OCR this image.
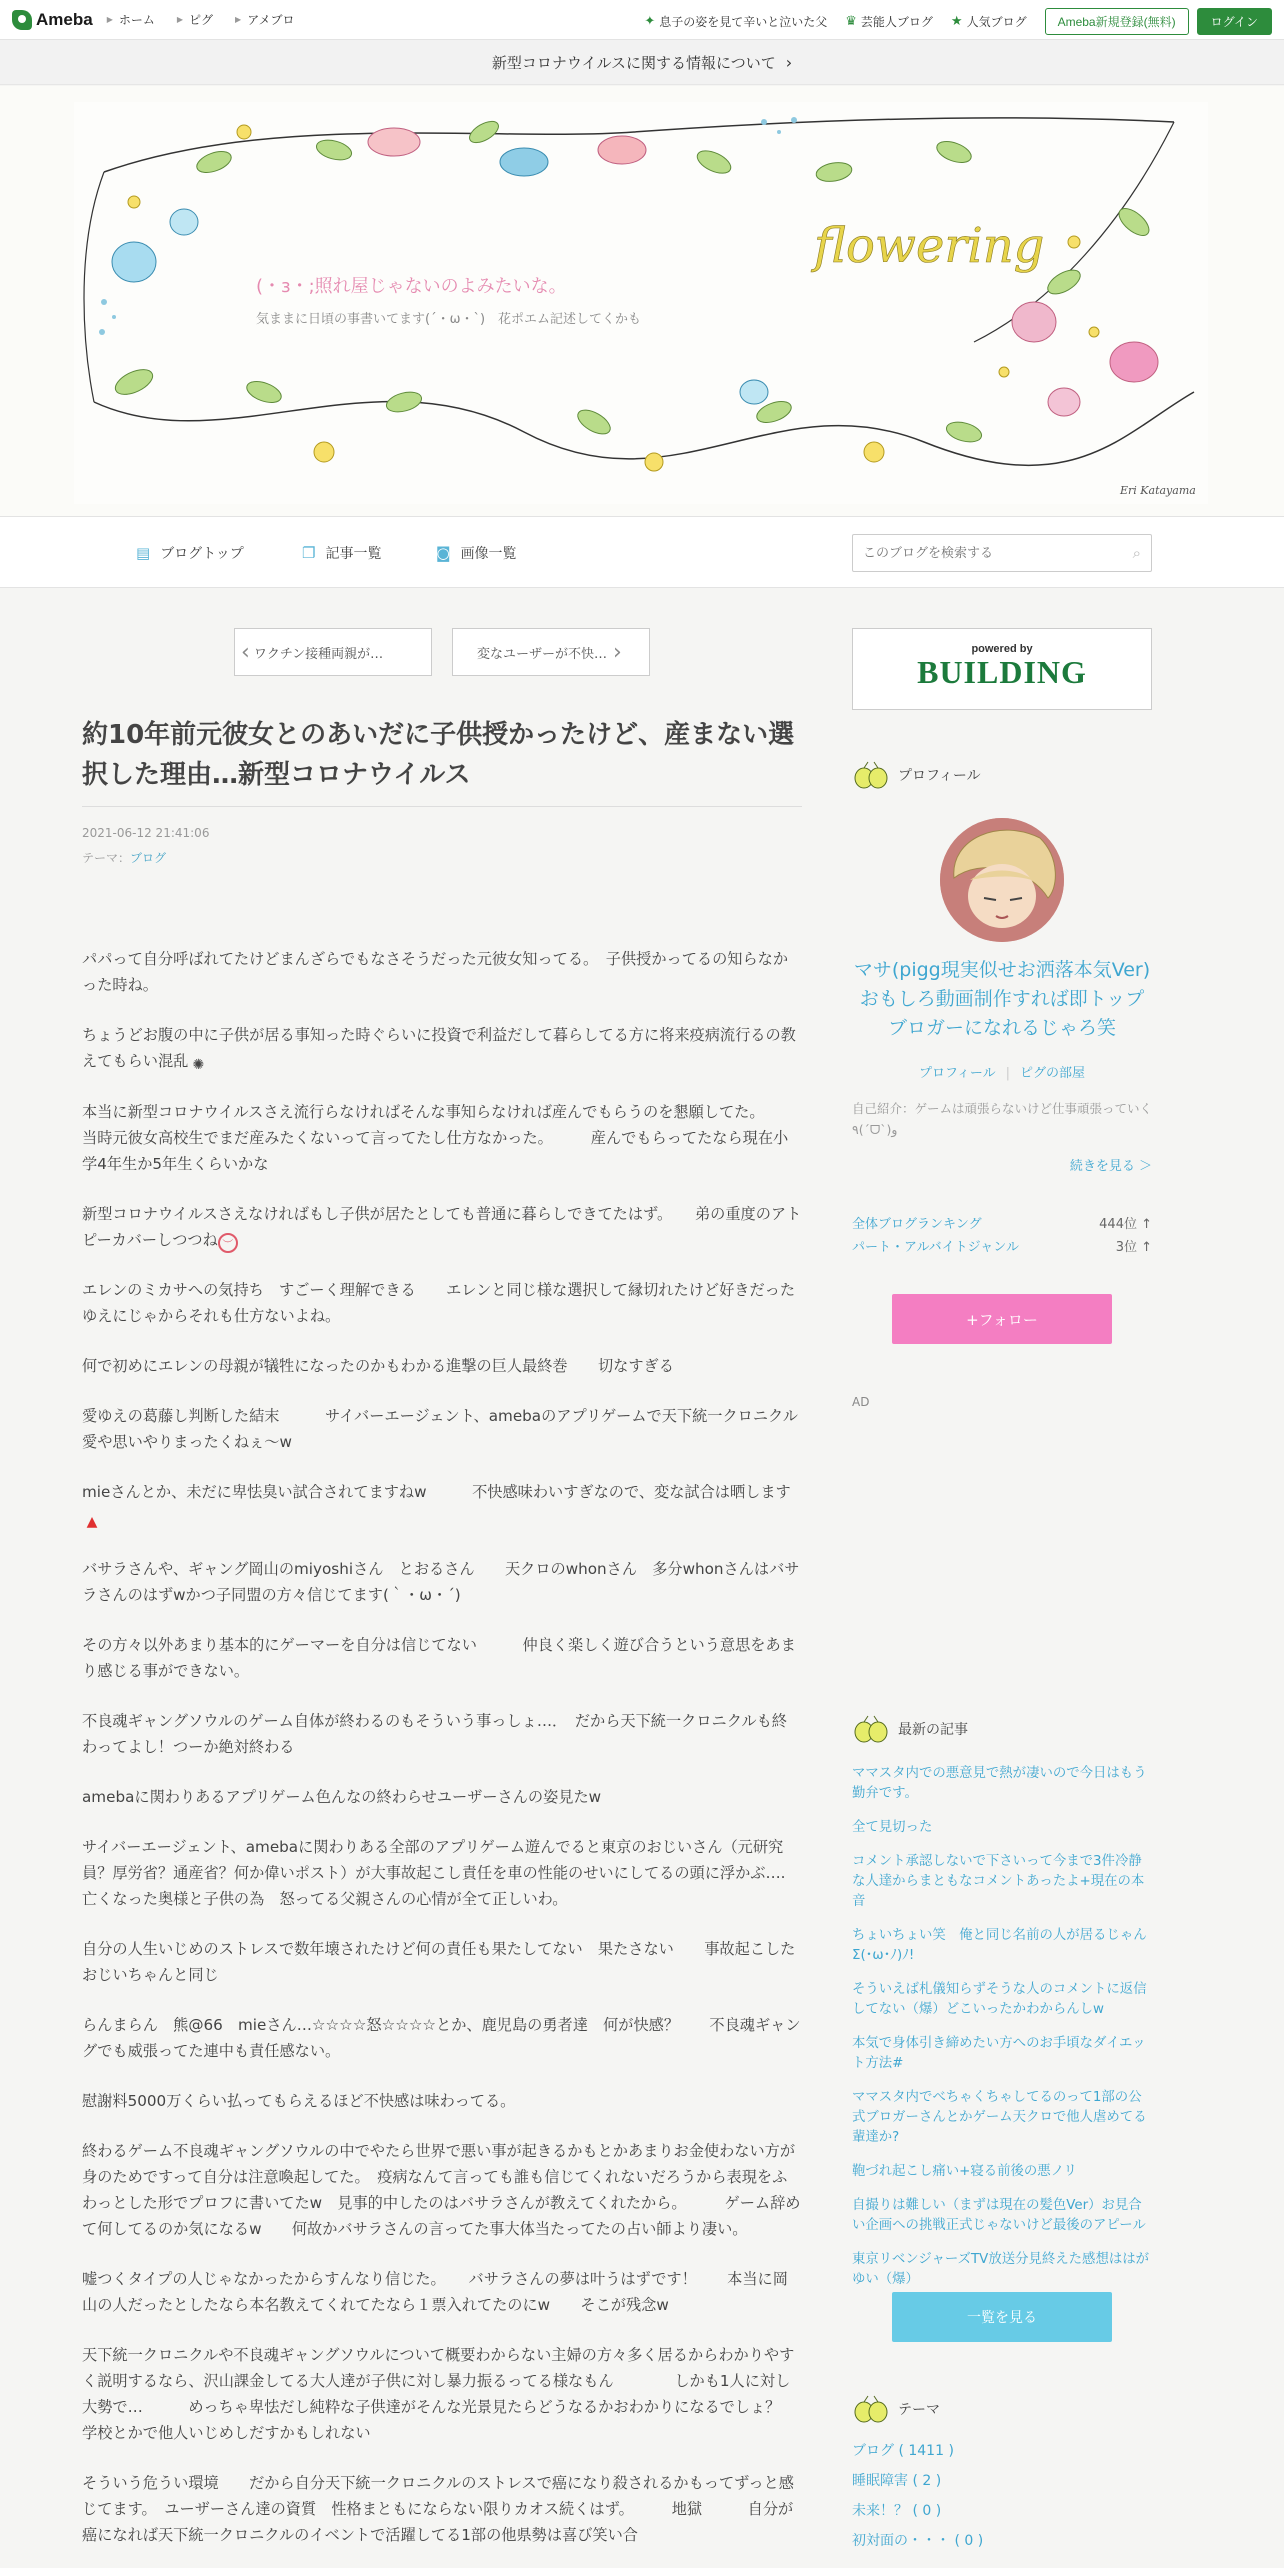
Ameba ▶ ホーム	▶ ピグ	▶ アメブロ	✦ 息子の姿を見て辛いと泣いた父 ♛ 芸能人ブログ ★ 人気ブログ	Ameba新規登録(無料)	ログイン
新型コロナウイルスに関する情報について ›
flowering
Eri Katayama
(・з・;照れ屋じゃないのよみたいな。
気ままに日頃の事書いてます(´・ω・`)　花ポエム記述してくかも
▤ ブログトップ	❐ 記事一覧	◙ 画像一覧
このブログを検索する	⌕
‹ ワクチン接種両親が…	変なユーザーが不快… ›
約10年前元彼女とのあいだに子供授かったけど、産まない選択した理由…新型コロナウイルス
2021-06-12 21:41:06
テーマ：ブログ

パパって自分呼ばれてたけどまんざらでもなさそうだった元彼女知ってる。　子供授かってるの知らなかった時ね。

ちょうどお腹の中に子供が居る事知った時ぐらいに投資で利益だして暮らしてる方に将来疫病流行るの教えてもらい混乱 ✺

本当に新型コロナウイルスさえ流行らなければそんな事知らなければ産んでもらうのを懇願してた。　　当時元彼女高校生でまだ産みたくないって言ってたし仕方なかった。　　　産んでもらってたなら現在小学4年生か5年生くらいかな

新型コロナウイルスさえなければもし子供が居たとしても普通に暮らしできてたはず。　　弟の重度のアトピーカバーしつつね ︶

エレンのミカサへの気持ち　すごーく理解できる　　エレンと同じ様な選択して縁切れたけど好きだったゆえにじゃからそれも仕方ないよね。

何で初めにエレンの母親が犠牲になったのかもわかる進撃の巨人最終巻　　切なすぎる

愛ゆえの葛藤し判断した結末　　　サイバーエージェント、amebaのアプリゲームで天下統一クロニクル愛や思いやりまったくねぇ～w

mieさんとか、未だに卑怯臭い試合されてますねw　　　不快感味わいすぎなので、変な試合は晒します▲

バサラさんや、ギャング岡山のmiyoshiさん　とおるさん　　天クロのwhonさん　多分whonさんはバサラさんのはずwかつ子同盟の方々信じてます(｀・ω・´)

その方々以外あまり基本的にゲーマーを自分は信じてない　　　仲良く楽しく遊び合うという意思をあまり感じる事ができない。

不良魂ギャングソウルのゲーム自体が終わるのもそういう事っしょ…．　だから天下統一クロニクルも終わってよし！つーか絶対終わる

amebaに関わりあるアプリゲーム色んなの終わらせユーザーさんの姿見たw

サイバーエージェント、amebaに関わりある全部のアプリゲーム遊んでると東京のおじいさん（元研究員？厚労省？通産省？何か偉いポスト）が大事故起こし責任を車の性能のせいにしてるの頭に浮かぶ….　　　亡くなった奥様と子供の為　怒ってる父親さんの心情が全て正しいわ。

自分の人生いじめのストレスで数年壊されたけど何の責任も果たしてない　果たさない　　事故起こしたおじいちゃんと同じ

らんまらん　熊@66　mieさん…☆☆☆☆怒☆☆☆☆とか、鹿児島の勇者達　何が快感？　　不良魂ギャングでも威張ってた連中も責任感ない。

慰謝料5000万くらい払ってもらえるほど不快感は味わってる。

終わるゲーム不良魂ギャングソウルの中でやたら世界で悪い事が起きるかもとかあまりお金使わない方が身のためですって自分は注意喚起してた。　疫病なんて言っても誰も信じてくれないだろうから表現をふわっとした形でプロフに書いてたw　見事的中したのはバサラさんが教えてくれたから。　　　ゲーム辞めて何してるのか気になるw　　何故かバサラさんの言ってた事大体当たってたの占い師より凄い。

嘘つくタイプの人じゃなかったからすんなり信じた。　　バサラさんの夢は叶うはずです！　　本当に岡山の人だったとしたなら本名教えてくれてたなら１票入れてたのにw　　そこが残念w

天下統一クロニクルや不良魂ギャングソウルについて概要わからない主婦の方々多く居るからわかりやすく説明するなら、沢山課金してる大人達が子供に対し暴力振るってる様なもん　　　　しかも1人に対し大勢で…　　　めっちゃ卑怯だし純粋な子供達がそんな光景見たらどうなるかおわかりになるでしょ？　　　学校とかで他人いじめしだすかもしれない

そういう危うい環境　　だから自分天下統一クロニクルのストレスで癌になり殺されるかもってずっと感じてます。　ユーザーさん達の資質　性格まともにならない限りカオス続くはず。　　　地獄　　　自分が癌になれば天下統一クロニクルのイベントで活躍してる1部の他県勢は喜び笑い合

powered by
BUILDING
プロフィール
マサ(pigg現実似せお洒落本気Ver)おもしろ動画制作すれば即トップブロガーになれるじゃろ笑
プロフィール | ピグの部屋
自己紹介：ゲームは頑張らないけど仕事頑張っていく٩(ˊᗜˋ)و
続きを見る ＞
全体ブログランキング	444位 ↑
パート・アルバイトジャンル	3位 ↑
+フォロー
AD
最新の記事
ママスタ内での悪意見で熱が凄いので今日はもう勤弁です。
全て見切った
コメント承認しないで下さいって今まで3件冷静な人達からまともなコメントあったよ+現在の本音
ちょいちょい笑　俺と同じ名前の人が居るじゃんΣ(･ω･ﾉ)ﾉ!
そういえば札儀知らずそうな人のコメントに返信してない（爆）どこいったかわからんしw
本気で身体引き締めたい方へのお手頃なダイエット方法#
ママスタ内でべちゃくちゃしてるのって1部の公式ブロガーさんとかゲーム天クロで他人虐めてる輩達か?
鞄づれ起こし痛い+寝る前後の悪ノリ
自撮りは難しい（まずは現在の髪色Ver）お見合い企画への挑戦正式じゃないけど最後のアピール
東京リベンジャーズTV放送分見終えた感想ははがゆい（爆）
一覧を見る
テーマ
ブログ ( 1411 )
睡眠障害 ( 2 )
未来！？ ( 0 )
初対面の・・・ ( 0 )
